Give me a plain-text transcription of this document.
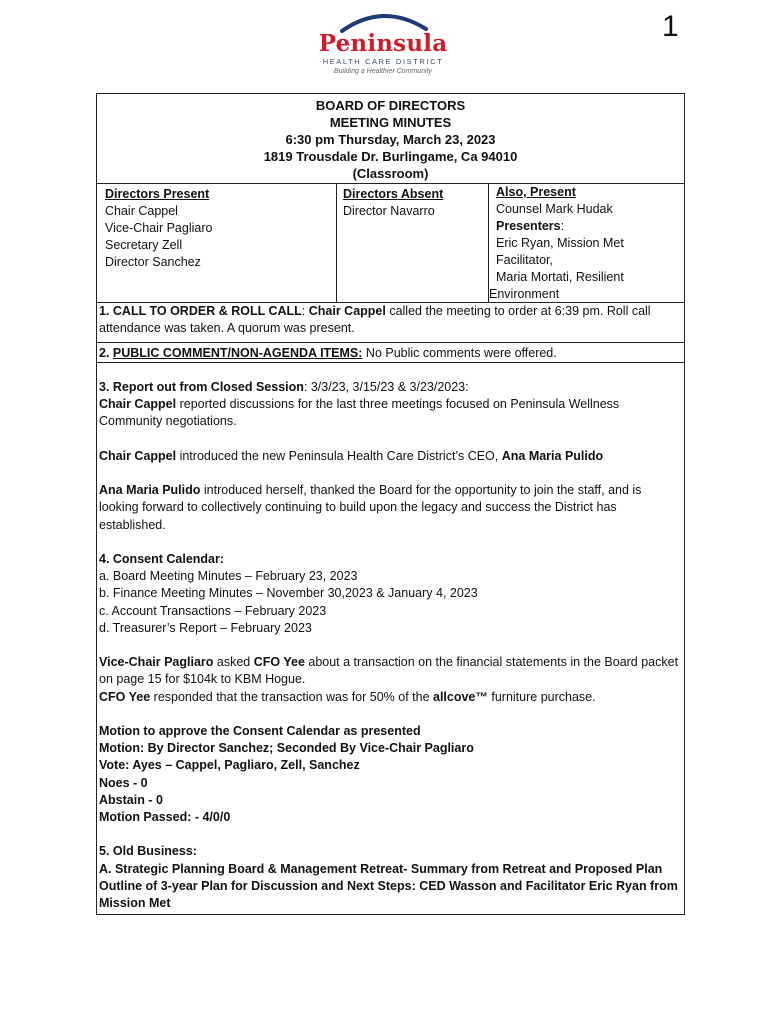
1
Peninsula
HEALTH CARE DISTRICT
Building a Healthier Community
BOARD OF DIRECTORS
MEETING MINUTES
6:30 pm Thursday, March 23, 2023
1819 Trousdale Dr. Burlingame, Ca 94010
(Classroom)
Directors Present
Chair Cappel
Vice-Chair Pagliaro
Secretary Zell
Director Sanchez
Directors Absent
Director Navarro
Also, Present
Counsel Mark Hudak
Presenters:
Eric Ryan, Mission Met
Facilitator,
Maria Mortati, Resilient
Environment
1. CALL TO ORDER & ROLL CALL: Chair Cappel called the meeting to order at 6:39 pm. Roll call attendance was taken. A quorum was present.
2. PUBLIC COMMENT/NON-AGENDA ITEMS: No Public comments were offered.

3. Report out from Closed Session: 3/3/23, 3/15/23 & 3/23/2023:

Chair Cappel reported discussions for the last three meetings focused on Peninsula Wellness Community negotiations.

Chair Cappel introduced the new Peninsula Health Care District’s CEO, Ana Maria Pulido

Ana Maria Pulido introduced herself, thanked the Board for the opportunity to join the staff, and is looking forward to collectively continuing to build upon the legacy and success the District has established.

4. Consent Calendar:

a. Board Meeting Minutes – February 23, 2023
b. Finance Meeting Minutes – November 30,2023 & January 4, 2023
c. Account Transactions – February 2023

d. Treasurer’s Report – February 2023

Vice-Chair Pagliaro asked CFO Yee about a transaction on the financial statements in the Board packet on page 15 for $104k to KBM Hogue.

CFO Yee responded that the transaction was for 50% of the allcove™ furniture purchase.

Motion to approve the Consent Calendar as presented
Motion: By Director Sanchez; Seconded By Vice-Chair Pagliaro
Vote: Ayes – Cappel, Pagliaro, Zell, Sanchez
Noes - 0
Abstain - 0

Motion Passed: - 4/0/0

5. Old Business:
A. Strategic Planning Board & Management Retreat- Summary from Retreat and Proposed Plan Outline of 3-year Plan for Discussion and Next Steps: CED Wasson and Facilitator Eric Ryan from Mission Met
